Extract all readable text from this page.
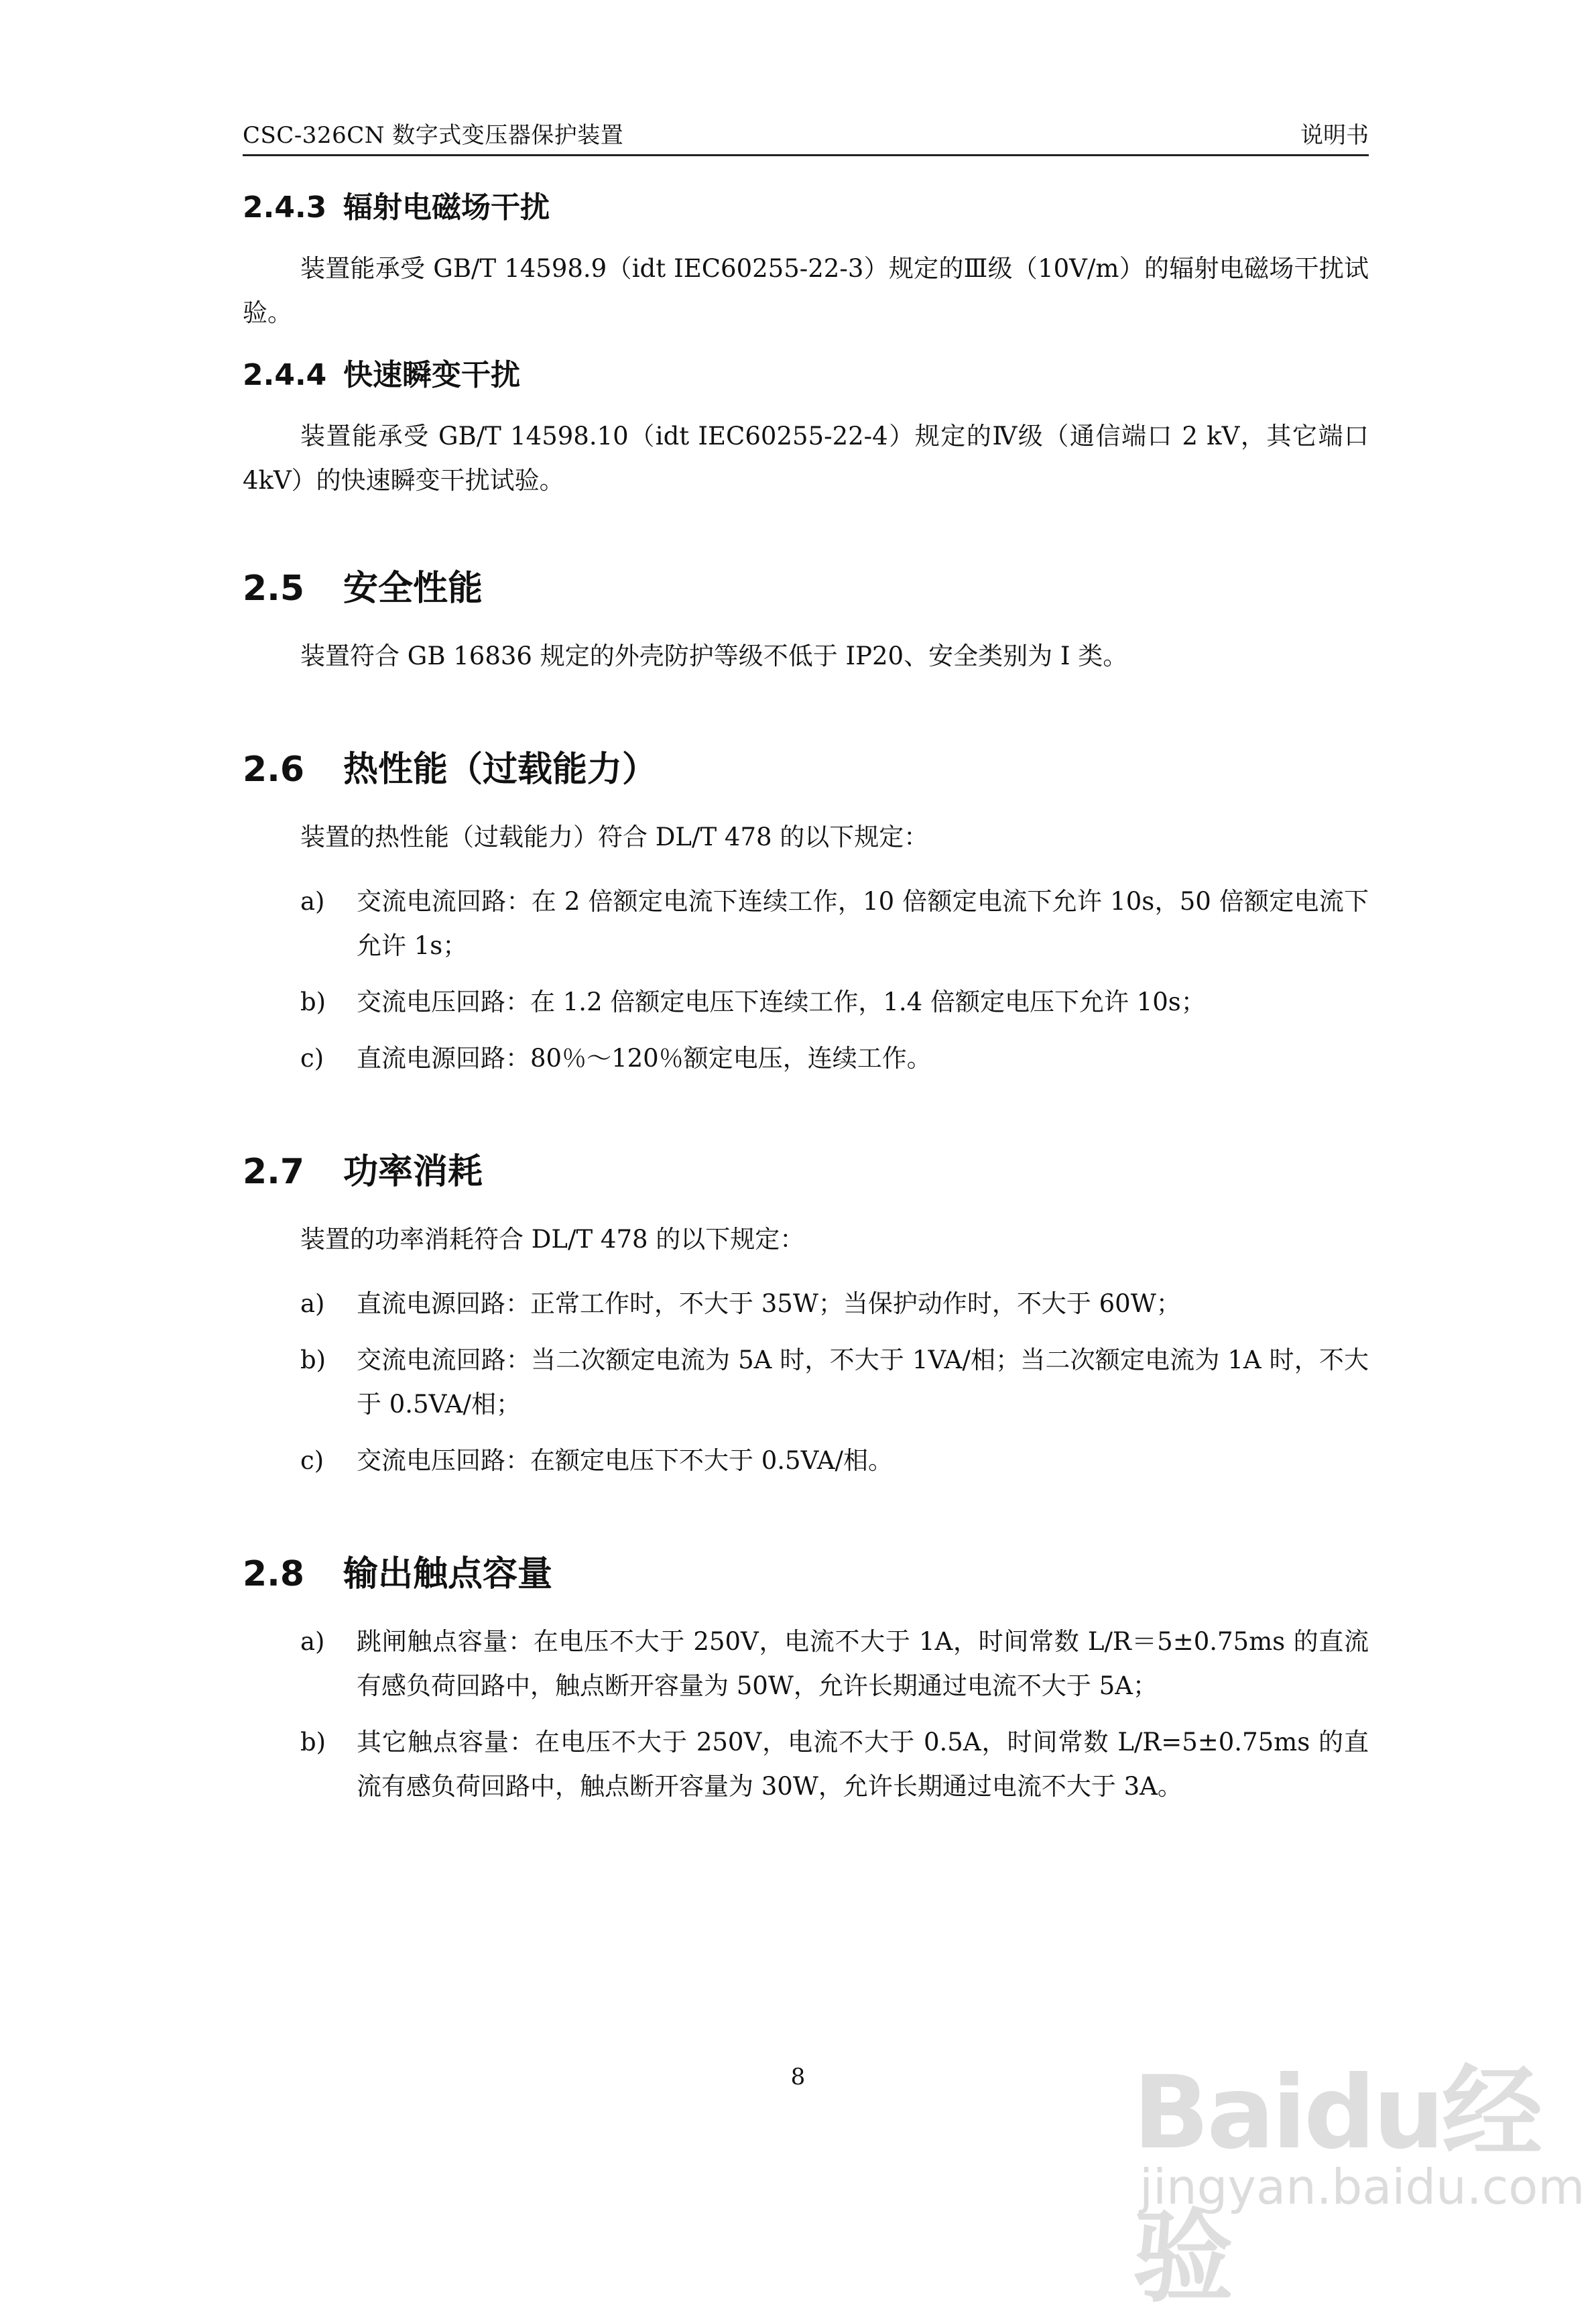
CSC-326CN 数字式变压器保护装置	说明书
2.4.3 辐射电磁场干扰

装置能承受 GB/T 14598.9（idt IEC60255-22-3）规定的Ⅲ级（10V/m）的辐射电磁场干扰试验。

2.4.4 快速瞬变干扰

装置能承受 GB/T 14598.10（idt IEC60255-22-4）规定的Ⅳ级（通信端口 2 kV，其它端口 4kV）的快速瞬变干扰试验。

2.5 安全性能

装置符合 GB 16836 规定的外壳防护等级不低于 IP20、安全类别为 I 类。

2.6 热性能（过载能力）

装置的热性能（过载能力）符合 DL/T 478 的以下规定：

a) 交流电流回路：在 2 倍额定电流下连续工作，10 倍额定电流下允许 10s，50 倍额定电流下允许 1s；
b) 交流电压回路：在 1.2 倍额定电压下连续工作，1.4 倍额定电压下允许 10s；
c) 直流电源回路：80％～120％额定电压，连续工作。
2.7 功率消耗

装置的功率消耗符合 DL/T 478 的以下规定：

a) 直流电源回路：正常工作时，不大于 35W；当保护动作时，不大于 60W；
b) 交流电流回路：当二次额定电流为 5A 时，不大于 1VA/相；当二次额定电流为 1A 时，不大于 0.5VA/相；
c) 交流电压回路：在额定电压下不大于 0.5VA/相。
2.8 输出触点容量
a) 跳闸触点容量：在电压不大于 250V，电流不大于 1A，时间常数 L/R＝5±0.75ms 的直流有感负荷回路中，触点断开容量为 50W，允许长期通过电流不大于 5A；
b) 其它触点容量：在电压不大于 250V，电流不大于 0.5A，时间常数 L/R=5±0.75ms 的直流有感负荷回路中，触点断开容量为 30W，允许长期通过电流不大于 3A。
8	Baidu经验
jingyan.baidu.com
